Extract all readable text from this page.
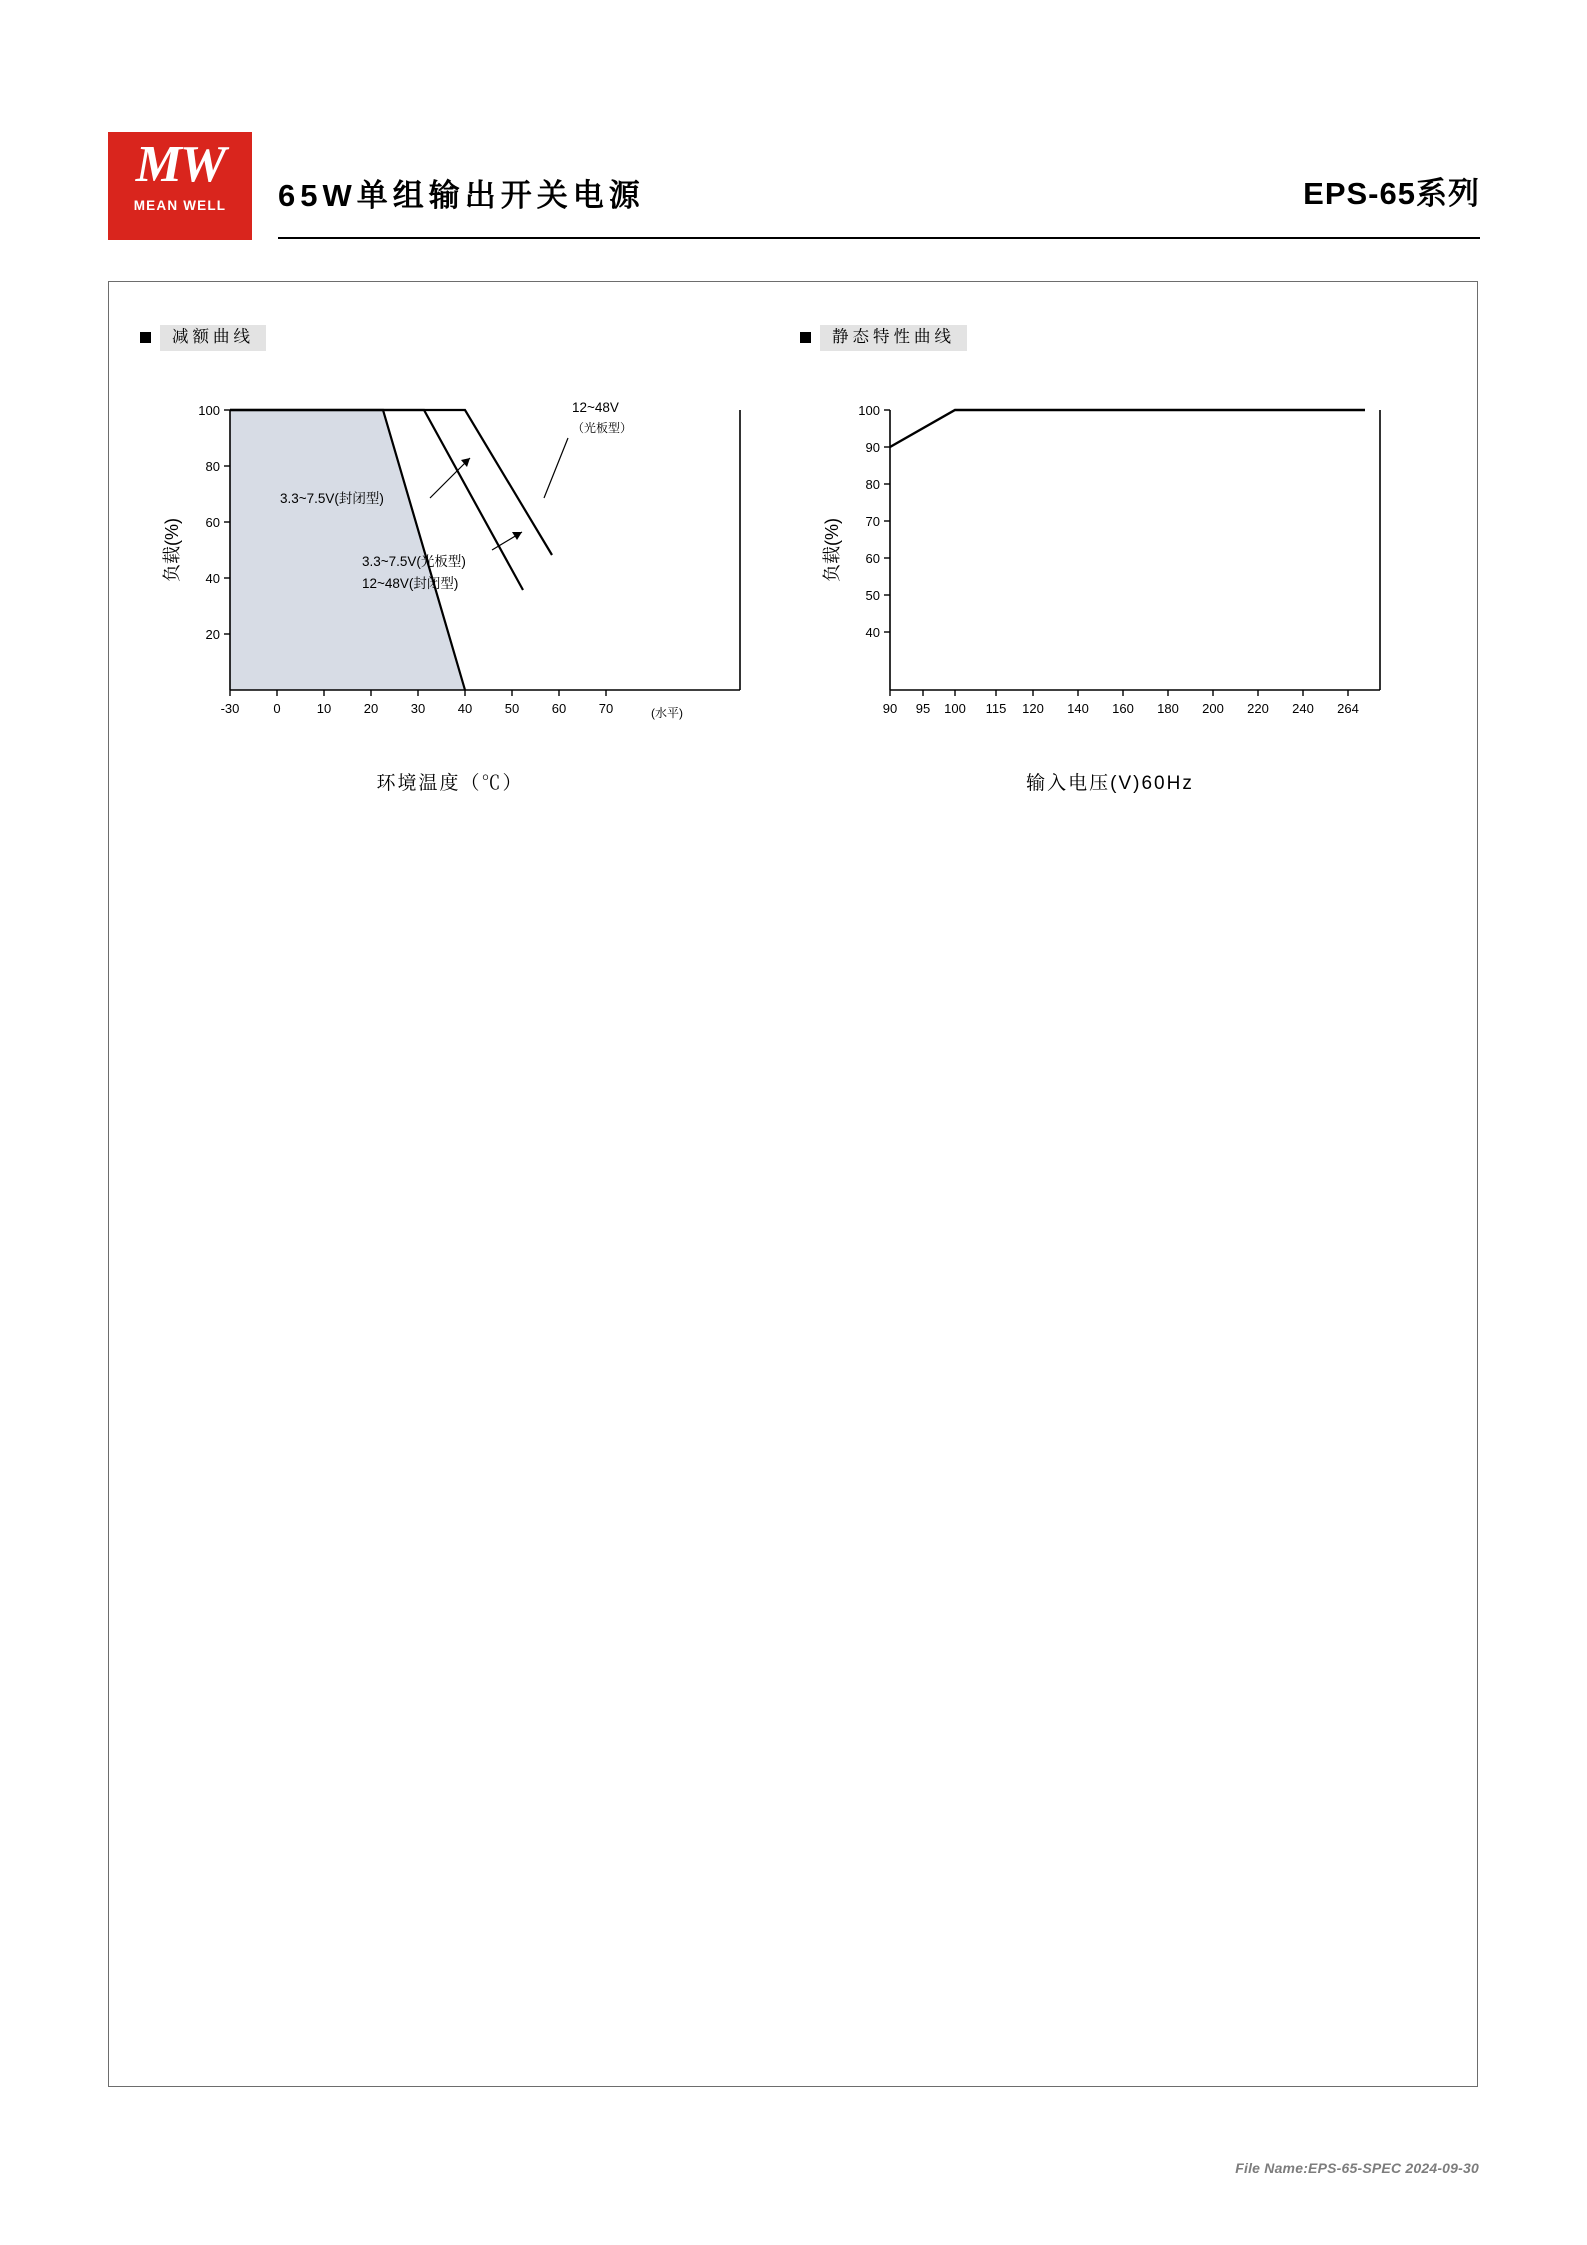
MW
MEAN WELL	65W单组输出开关电源	EPS-65系列
减额曲线
100
80
60
40
20
-30	0	10	20	30	40	50	60	70	(水平)
负载(%)
12~48V
（光板型）
3.3~7.5V(封闭型)
3.3~7.5V(光板型)
12~48V(封闭型)
环境温度（℃）
静态特性曲线
100
90
80
70
60
50
40
90 95 100 115 120 140 160 180 200 220 240 264
负载(%)
输入电压(V)60Hz
File Name:EPS-65-SPEC 2024-09-30
